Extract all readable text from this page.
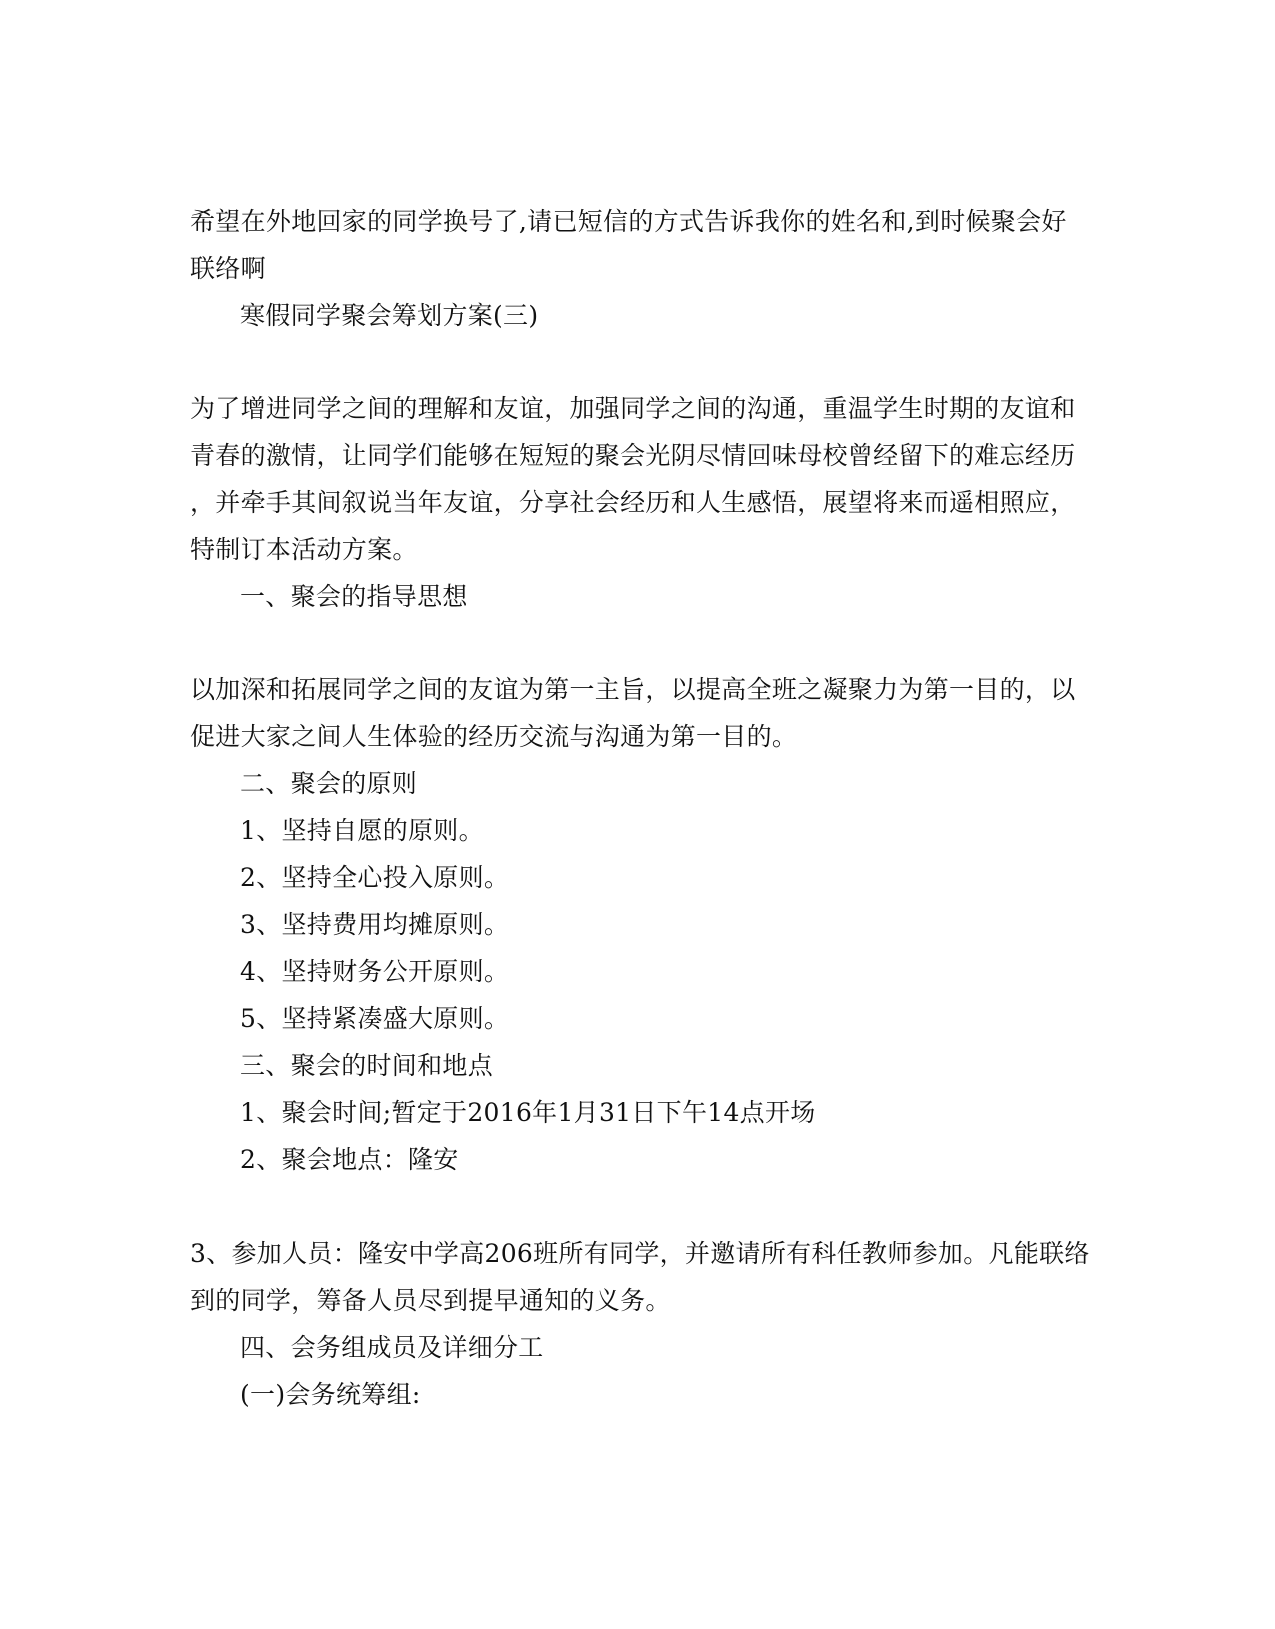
希望在外地回家的同学换号了,请已短信的方式告诉我你的姓名和,到时候聚会好
联络啊
寒假同学聚会筹划方案(三)
为了增进同学之间的理解和友谊，加强同学之间的沟通，重温学生时期的友谊和
青春的激情，让同学们能够在短短的聚会光阴尽情回味母校曾经留下的难忘经历
，并牵手其间叙说当年友谊，分享社会经历和人生感悟，展望将来而遥相照应，
特制订本活动方案。
一、聚会的指导思想
以加深和拓展同学之间的友谊为第一主旨，以提高全班之凝聚力为第一目的，以
促进大家之间人生体验的经历交流与沟通为第一目的。
二、聚会的原则
1、坚持自愿的原则。
2、坚持全心投入原则。
3、坚持费用均摊原则。
4、坚持财务公开原则。
5、坚持紧凑盛大原则。
三、聚会的时间和地点
1、聚会时间;暂定于2016年1月31日下午14点开场
2、聚会地点：隆安
3、参加人员：隆安中学高206班所有同学，并邀请所有科任教师参加。凡能联络
到的同学，筹备人员尽到提早通知的义务。
四、会务组成员及详细分工
(一)会务统筹组:
